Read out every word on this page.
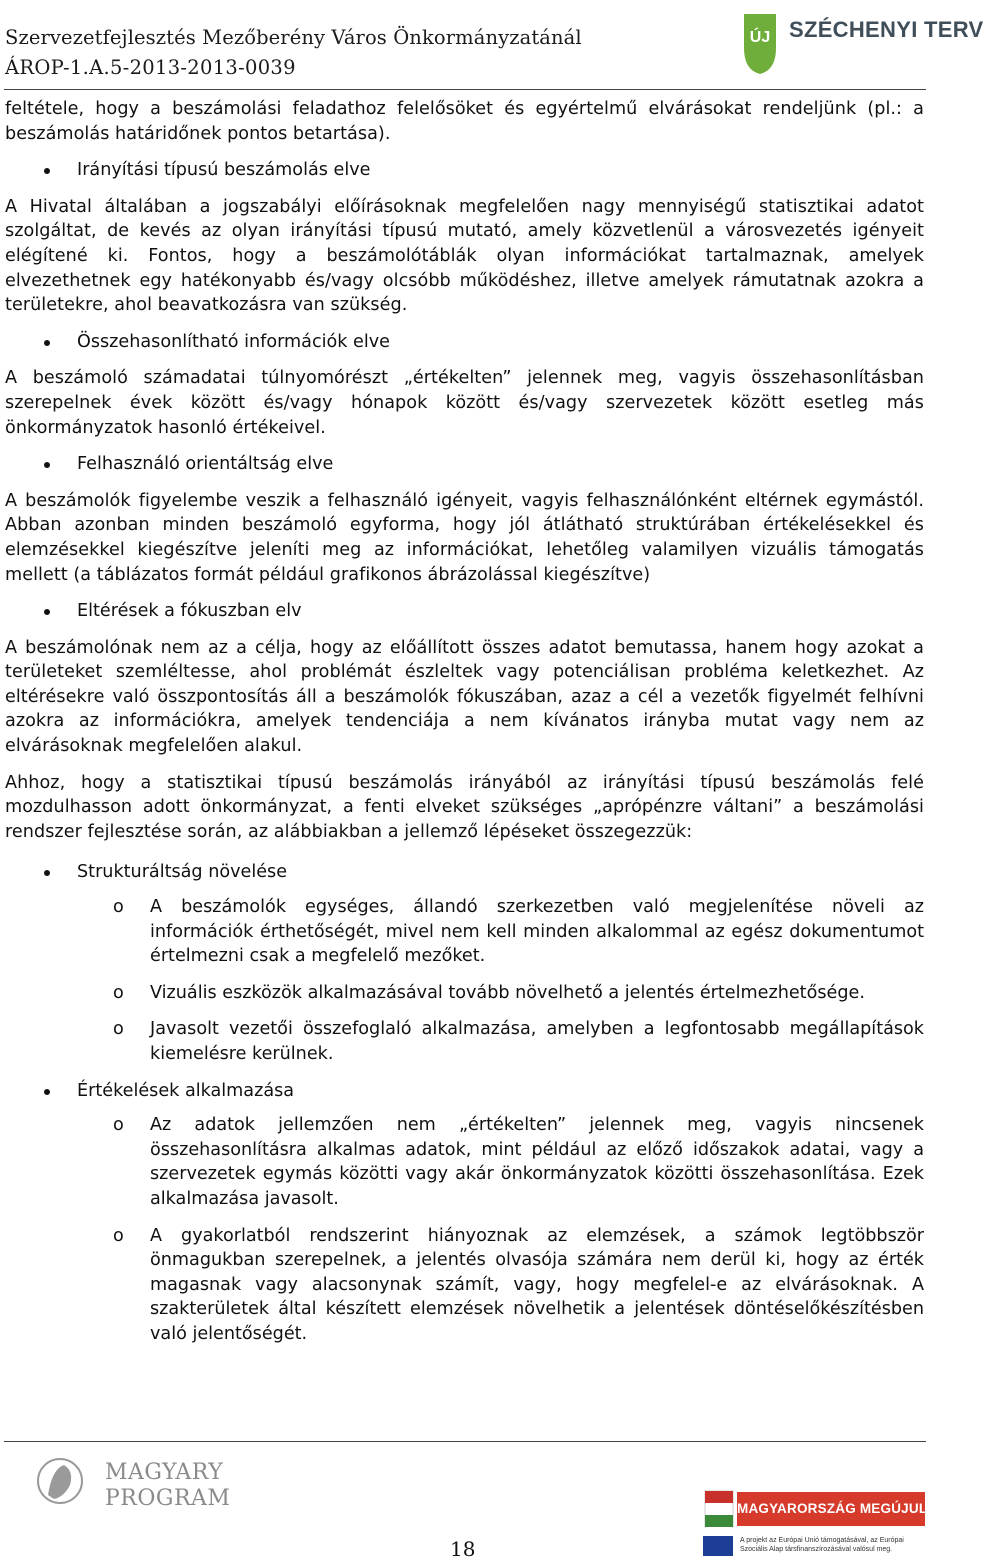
Szervezetfejlesztés Mezőberény Város Önkormányzatánál
ÁROP-1.A.5-2013-2013-0039
ÚJ SZÉCHENYI TERV

feltétele, hogy a beszámolási feladathoz felelősöket és egyértelmű elvárásokat rendeljünk (pl.: a beszámolás határidőnek pontos betartása).

Irányítási típusú beszámolás elve

A Hivatal általában a jogszabályi előírásoknak megfelelően nagy mennyiségű statisztikai adatot szolgáltat, de kevés az olyan irányítási típusú mutató, amely közvetlenül a városvezetés igényeit elégítené ki. Fontos, hogy a beszámolótáblák olyan információkat tartalmaznak, amelyek elvezethetnek egy hatékonyabb és/vagy olcsóbb működéshez, illetve amelyek rámutatnak azokra a területekre, ahol beavatkozásra van szükség.

Összehasonlítható információk elve

A beszámoló számadatai túlnyomórészt „értékelten” jelennek meg, vagyis összehasonlításban szerepelnek évek között és/vagy hónapok között és/vagy szervezetek között esetleg más önkormányzatok hasonló értékeivel.

Felhasználó orientáltság elve

A beszámolók figyelembe veszik a felhasználó igényeit, vagyis felhasználónként eltérnek egymástól. Abban azonban minden beszámoló egyforma, hogy jól átlátható struktúrában értékelésekkel és elemzésekkel kiegészítve jeleníti meg az információkat, lehetőleg valamilyen vizuális támogatás mellett (a táblázatos formát például grafikonos ábrázolással kiegészítve)

Eltérések a fókuszban elv

A beszámolónak nem az a célja, hogy az előállított összes adatot bemutassa, hanem hogy azokat a területeket szemléltesse, ahol problémát észleltek vagy potenciálisan probléma keletkezhet. Az eltérésekre való összpontosítás áll a beszámolók fókuszában, azaz a cél a vezetők figyelmét felhívni azokra az információkra, amelyek tendenciája a nem kívánatos irányba mutat vagy nem az elvárásoknak megfelelően alakul.

Ahhoz, hogy a statisztikai típusú beszámolás irányából az irányítási típusú beszámolás felé mozdulhasson adott önkormányzat, a fenti elveket szükséges „aprópénzre váltani” a beszámolási rendszer fejlesztése során, az alábbiakban a jellemző lépéseket összegezzük:

Strukturáltság növelése
o A beszámolók egységes, állandó szerkezetben való megjelenítése növeli az információk érthetőségét, mivel nem kell minden alkalommal az egész dokumentumot értelmezni csak a megfelelő mezőket.
o Vizuális eszközök alkalmazásával tovább növelhető a jelentés értelmezhetősége.
o Javasolt vezetői összefoglaló alkalmazása, amelyben a legfontosabb megállapítások kiemelésre kerülnek.
Értékelések alkalmazása
o Az adatok jellemzően nem „értékelten” jelennek meg, vagyis nincsenek összehasonlításra alkalmas adatok, mint például az előző időszakok adatai, vagy a szervezetek egymás közötti vagy akár önkormányzatok közötti összehasonlítása. Ezek alkalmazása javasolt.
o A gyakorlatból rendszerint hiányoznak az elemzések, a számok legtöbbször önmagukban szerepelnek, a jelentés olvasója számára nem derül ki, hogy az érték magasnak vagy alacsonynak számít, vagy, hogy megfelel-e az elvárásoknak. A szakterületek által készített elemzések növelhetik a jelentések döntéselőkészítésben való jelentőségét.
MAGYARY
PROGRAM
18
MAGYARORSZÁG MEGÚJUL
A projekt az Európai Unió támogatásával, az Európai Szociális Alap társfinanszírozásával valósul meg.
